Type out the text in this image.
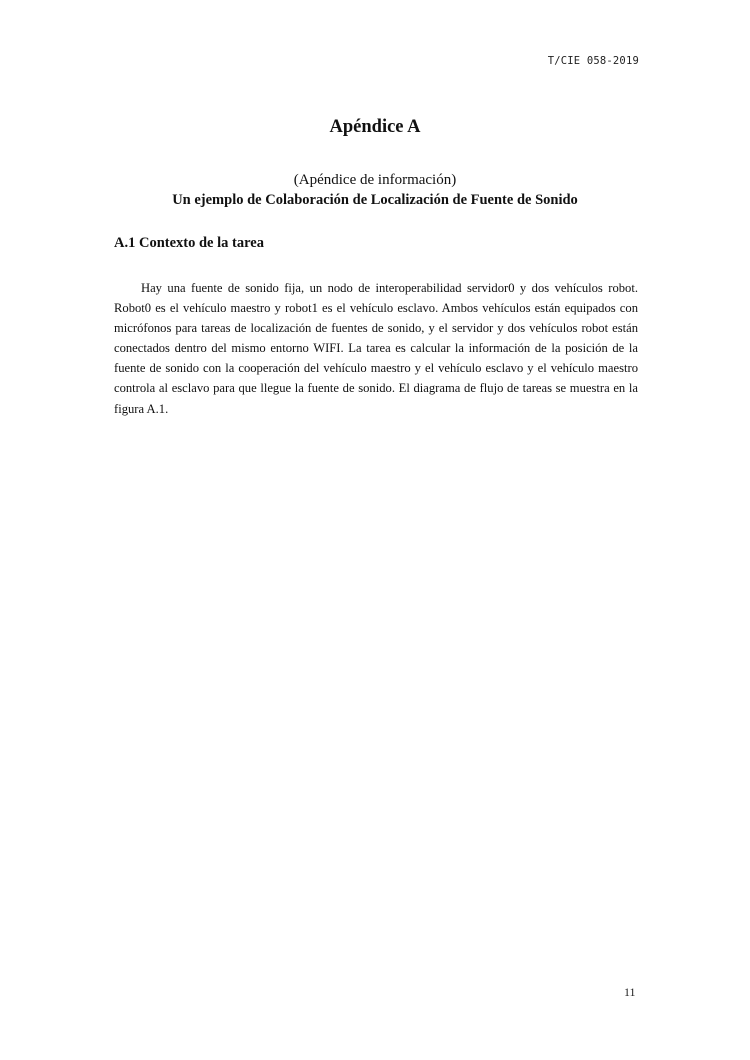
T/CIE 058-2019
Apéndice A
(Apéndice de información)
Un ejemplo de Colaboración de Localización de Fuente de Sonido
A.1 Contexto de la tarea

Hay una fuente de sonido fija, un nodo de interoperabilidad servidor0 y dos vehículos robot. Robot0 es el vehículo maestro y robot1 es el vehículo esclavo. Ambos vehículos están equipados con micrófonos para tareas de localización de fuentes de sonido, y el servidor y dos vehículos robot están conectados dentro del mismo entorno WIFI. La tarea es calcular la información de la posición de la fuente de sonido con la cooperación del vehículo maestro y el vehículo esclavo y el vehículo maestro controla al esclavo para que llegue la fuente de sonido. El diagrama de flujo de tareas se muestra en la figura A.1.

11
